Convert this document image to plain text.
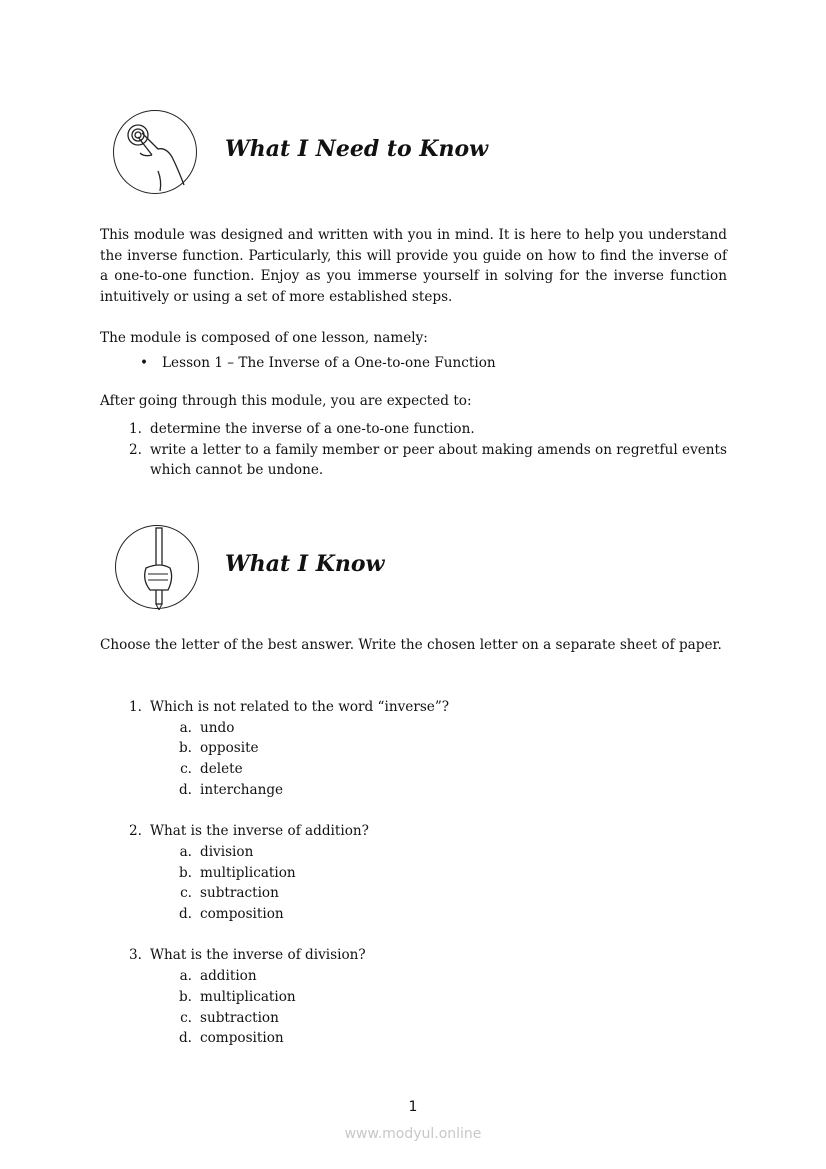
What I Need to Know

This module was designed and written with you in mind. It is here to help you understand the inverse function. Particularly, this will provide you guide on how to find the inverse of a one-to-one function. Enjoy as you immerse yourself in solving for the inverse function intuitively or using a set of more established steps.

The module is composed of one lesson, namely:

• Lesson 1 – The Inverse of a One-to-one Function

After going through this module, you are expected to:

1. determine the inverse of a one-to-one function.
2. write a letter to a family member or peer about making amends on regretful events which cannot be undone.
What I Know

Choose the letter of the best answer. Write the chosen letter on a separate sheet of paper.

1. Which is not related to the word “inverse”?
a. undo
b. opposite
c. delete
d. interchange
2. What is the inverse of addition?
a. division
b. multiplication
c. subtraction
d. composition
3. What is the inverse of division?
a. addition
b. multiplication
c. subtraction
d. composition
1
www.modyul.online
